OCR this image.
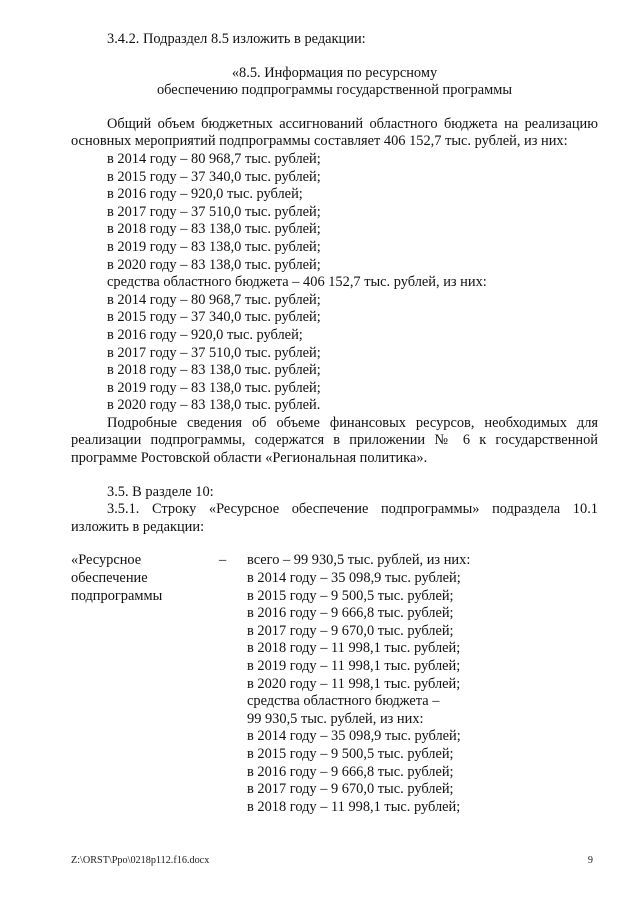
3.4.2. Подраздел 8.5 изложить в редакции:

«8.5. Информация по ресурсному

обеспечению подпрограммы государственной программы

Общий объем бюджетных ассигнований областного бюджета на реализацию основных мероприятий подпрограммы составляет 406 152,7 тыс. рублей, из них:

в 2014 году – 80 968,7 тыс. рублей;

в 2015 году – 37 340,0 тыс. рублей;

в 2016 году – 920,0 тыс. рублей;

в 2017 году – 37 510,0 тыс. рублей;

в 2018 году – 83 138,0 тыс. рублей;

в 2019 году – 83 138,0 тыс. рублей;

в 2020 году – 83 138,0 тыс. рублей;

средства областного бюджета – 406 152,7 тыс. рублей, из них:

в 2014 году – 80 968,7 тыс. рублей;

в 2015 году – 37 340,0 тыс. рублей;

в 2016 году – 920,0 тыс. рублей;

в 2017 году – 37 510,0 тыс. рублей;

в 2018 году – 83 138,0 тыс. рублей;

в 2019 году – 83 138,0 тыс. рублей;

в 2020 году – 83 138,0 тыс. рублей.

Подробные сведения об объеме финансовых ресурсов, необходимых для реализации подпрограммы, содержатся в приложении № 6 к государственной программе Ростовской области «Региональная политика».

3.5. В разделе 10:

3.5.1. Строку «Ресурсное обеспечение подпрограммы» подраздела 10.1 изложить в редакции:

«Ресурсное

обеспечение

подпрограммы

–	всего – 99 930,5 тыс. рублей, из них:

в 2014 году – 35 098,9 тыс. рублей;

в 2015 году – 9 500,5 тыс. рублей;

в 2016 году – 9 666,8 тыс. рублей;

в 2017 году – 9 670,0 тыс. рублей;

в 2018 году – 11 998,1 тыс. рублей;

в 2019 году – 11 998,1 тыс. рублей;

в 2020 году – 11 998,1 тыс. рублей;

средства областного бюджета –

99 930,5 тыс. рублей, из них:

в 2014 году – 35 098,9 тыс. рублей;

в 2015 году – 9 500,5 тыс. рублей;

в 2016 году – 9 666,8 тыс. рублей;

в 2017 году – 9 670,0 тыс. рублей;

в 2018 году – 11 998,1 тыс. рублей;

Z:\ORST\Ppo\0218p112.f16.docx	9
